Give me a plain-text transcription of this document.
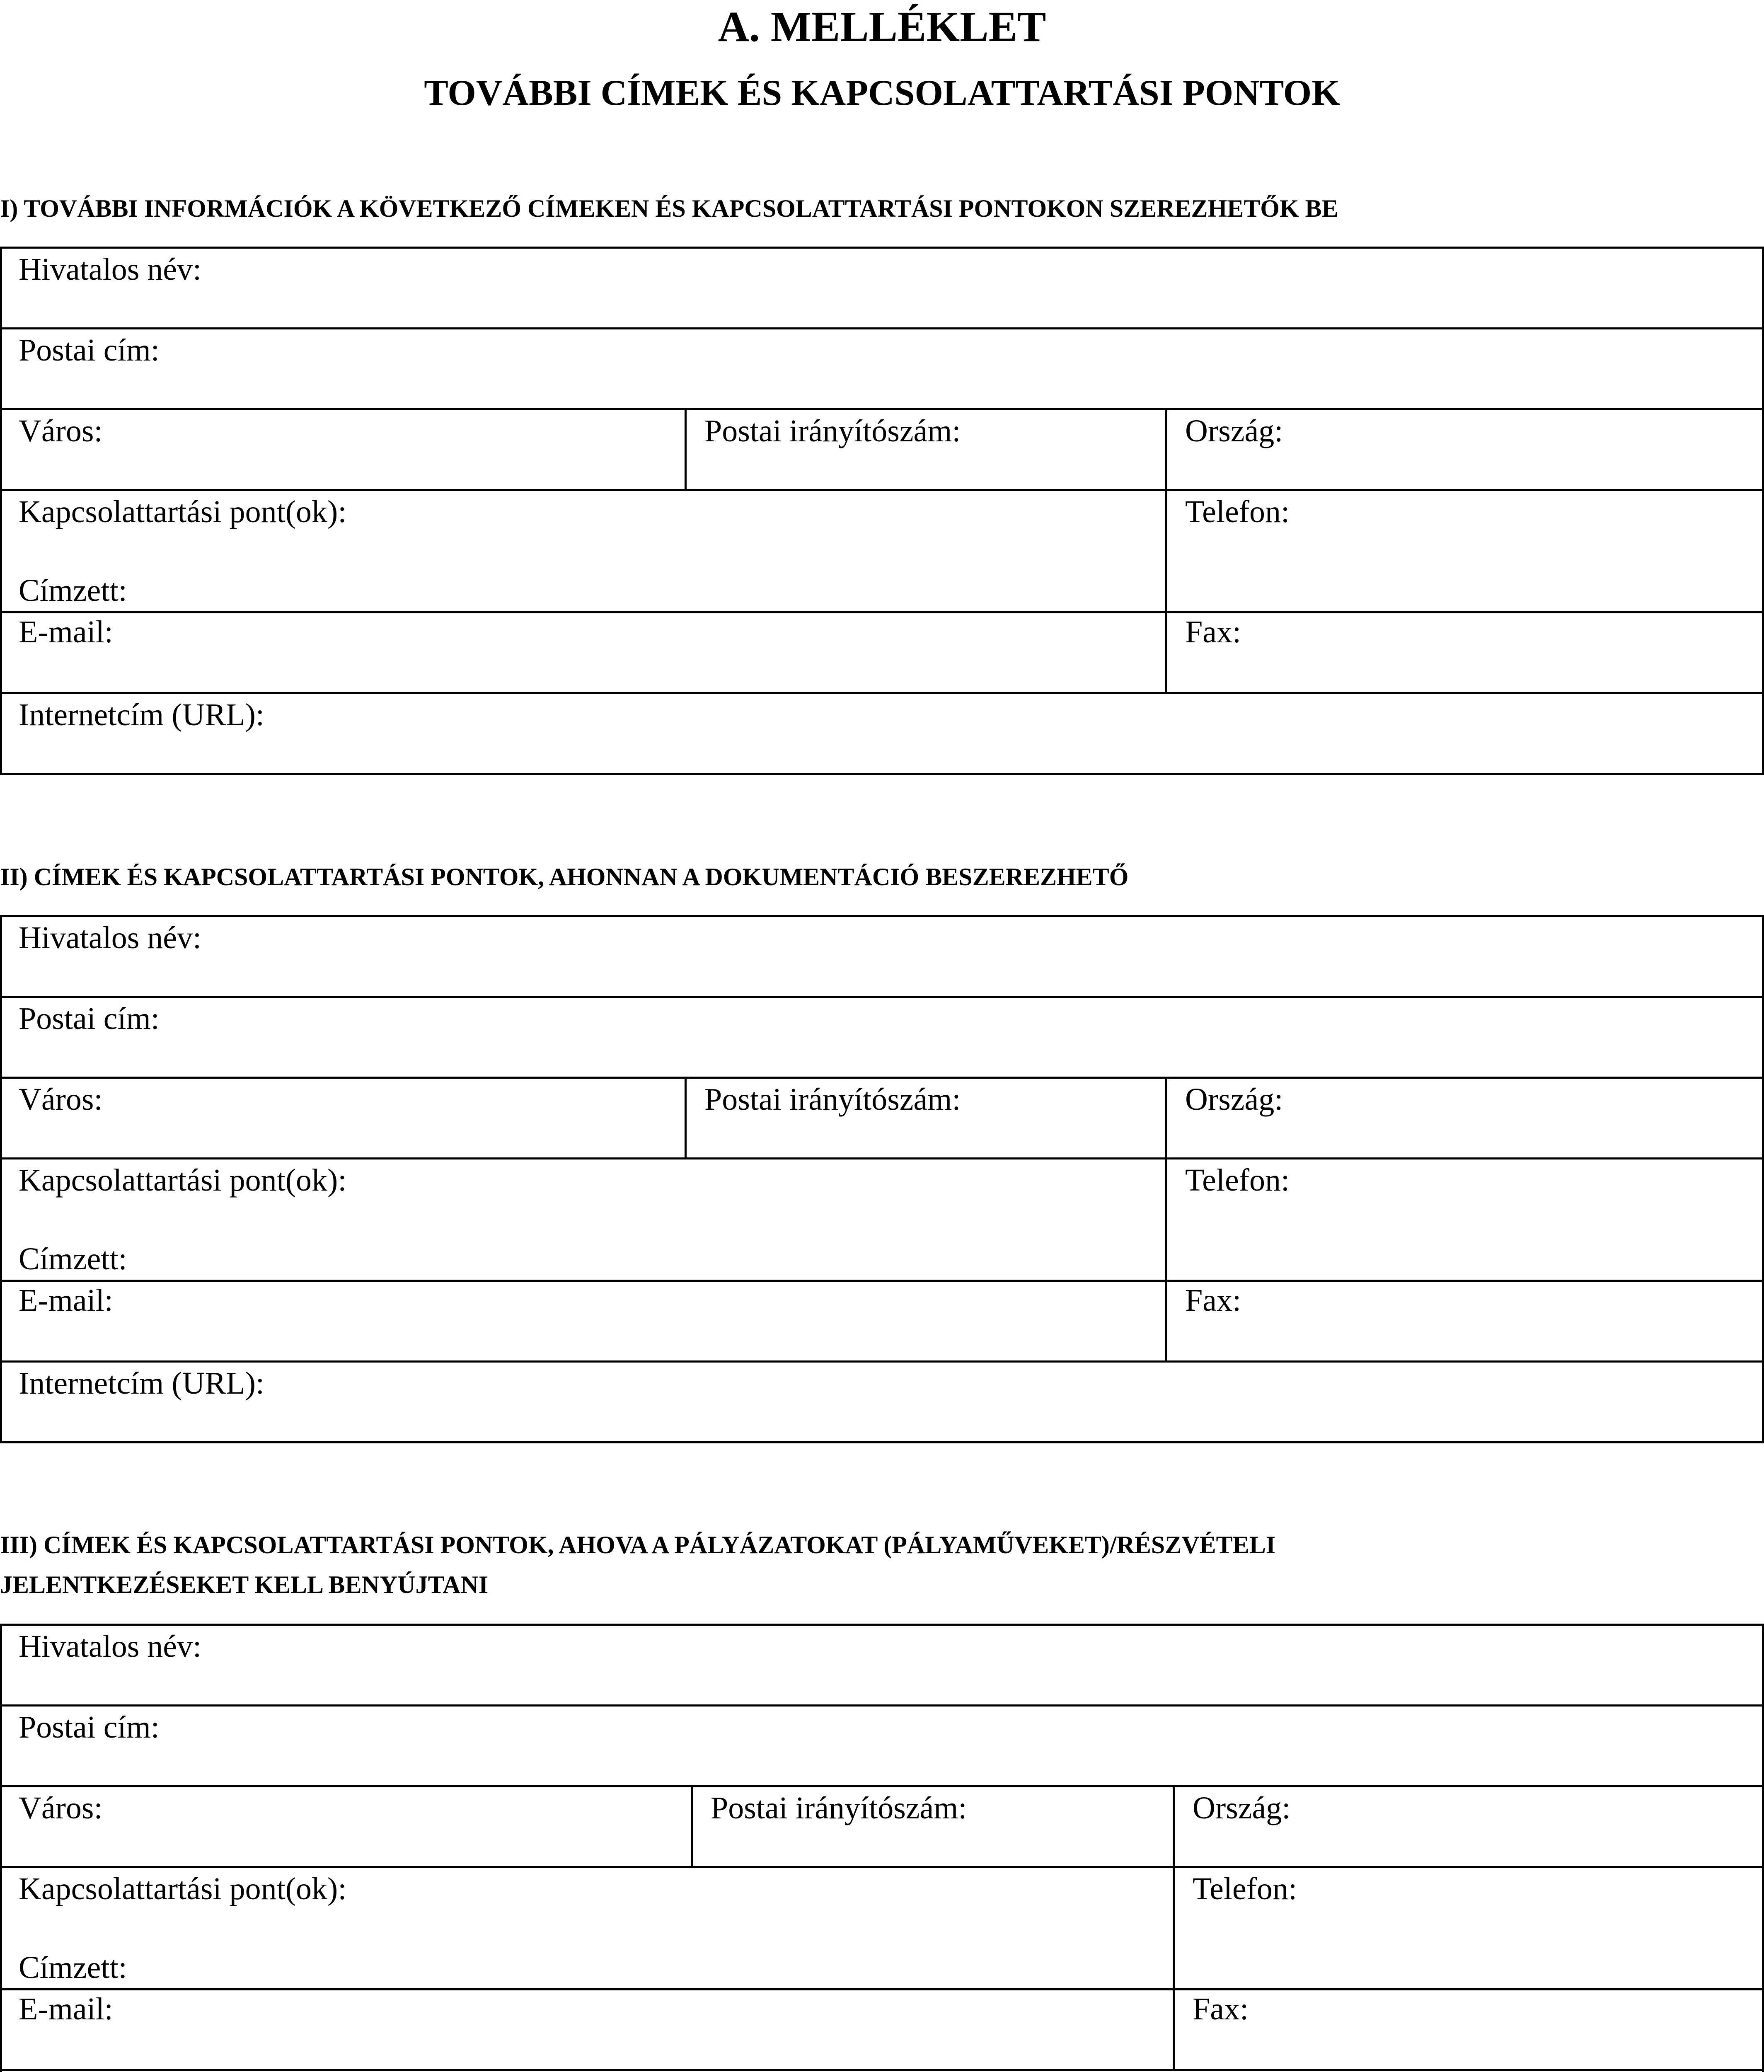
A. MELLÉKLET
TOVÁBBI CÍMEK ÉS KAPCSOLATTARTÁSI PONTOK
I) TOVÁBBI INFORMÁCIÓK A KÖVETKEZŐ CÍMEKEN ÉS KAPCSOLATTARTÁSI PONTOKON SZEREZHETŐK BE
Hivatalos név:
Postai cím:
Város:	Postai irányítószám:	Ország:
Kapcsolattartási pont(ok):	Telefon:
Címzett:
E-mail:	Fax:
Internetcím (URL):
II) CÍMEK ÉS KAPCSOLATTARTÁSI PONTOK, AHONNAN A DOKUMENTÁCIÓ BESZEREZHETŐ
Hivatalos név:
Postai cím:
Város:	Postai irányítószám:	Ország:
Kapcsolattartási pont(ok):	Telefon:
Címzett:
E-mail:	Fax:
Internetcím (URL):
III) CÍMEK ÉS KAPCSOLATTARTÁSI PONTOK, AHOVA A PÁLYÁZATOKAT (PÁLYAMŰVEKET)/RÉSZVÉTELI
JELENTKEZÉSEKET KELL BENYÚJTANI
Hivatalos név:
Postai cím:
Város:	Postai irányítószám:	Ország:
Kapcsolattartási pont(ok):	Telefon:
Címzett:
E-mail:	Fax:
